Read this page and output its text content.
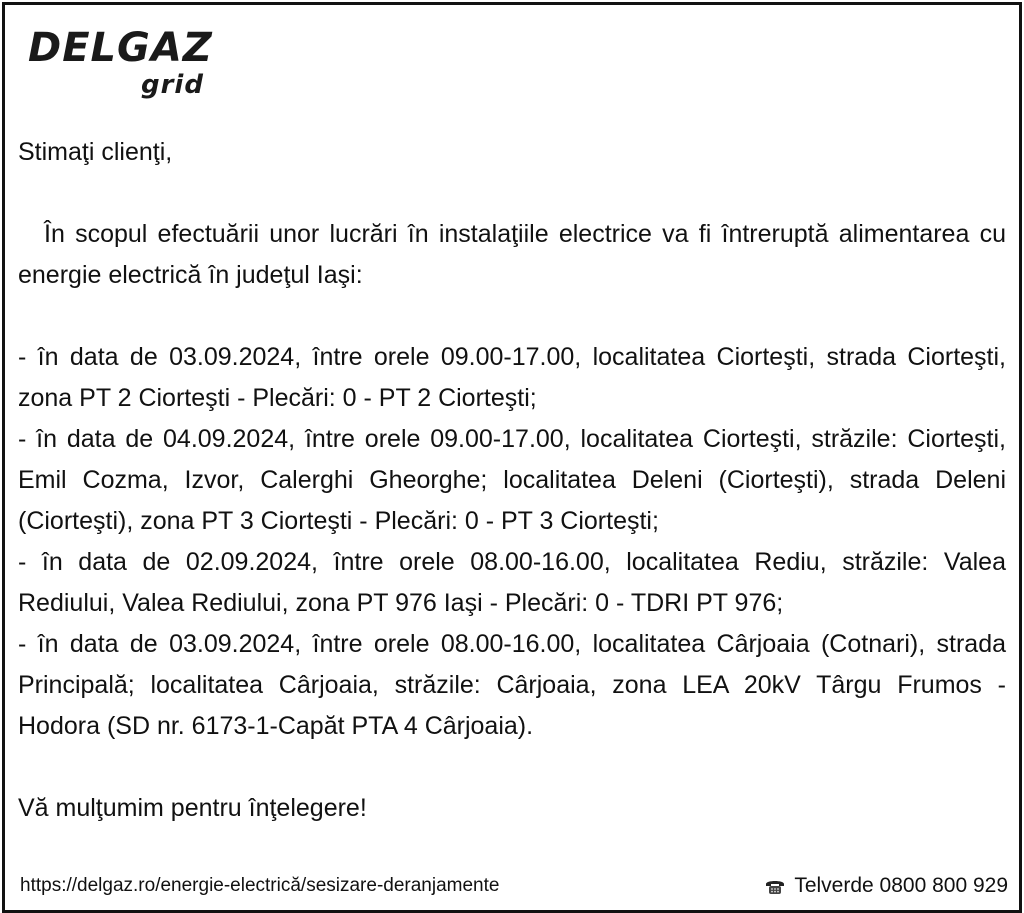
DELGAZ
grid

Stimaţi clienţi,

În scopul efectuării unor lucrări în instalaţiile electrice va fi întreruptă alimentarea cu energie electrică în judeţul Iaşi:

- în data de 03.09.2024, între orele 09.00-17.00, localitatea Ciorteşti, strada Ciorteşti, zona PT 2 Ciorteşti - Plecări: 0 - PT 2 Ciorteşti;

- în data de 04.09.2024, între orele 09.00-17.00, localitatea Ciorteşti, străzile: Ciorteşti, Emil Cozma, Izvor, Calerghi Gheorghe; localitatea Deleni (Ciorteşti), strada Deleni (Ciorteşti), zona PT 3 Ciorteşti - Plecări: 0 - PT 3 Ciorteşti;

- în data de 02.09.2024, între orele 08.00-16.00, localitatea Rediu, străzile: Valea Rediului, Valea Rediului, zona PT 976 Iaşi - Plecări: 0 - TDRI PT 976;

- în data de 03.09.2024, între orele 08.00-16.00, localitatea Cârjoaia (Cotnari), strada Principală; localitatea Cârjoaia, străzile: Cârjoaia, zona LEA 20kV Târgu Frumos - Hodora (SD nr. 6173-1-Capăt PTA 4 Cârjoaia).

Vă mulţumim pentru înţelegere!

https://delgaz.ro/energie-electrică/sesizare-deranjamente	Telverde 0800 800 929
